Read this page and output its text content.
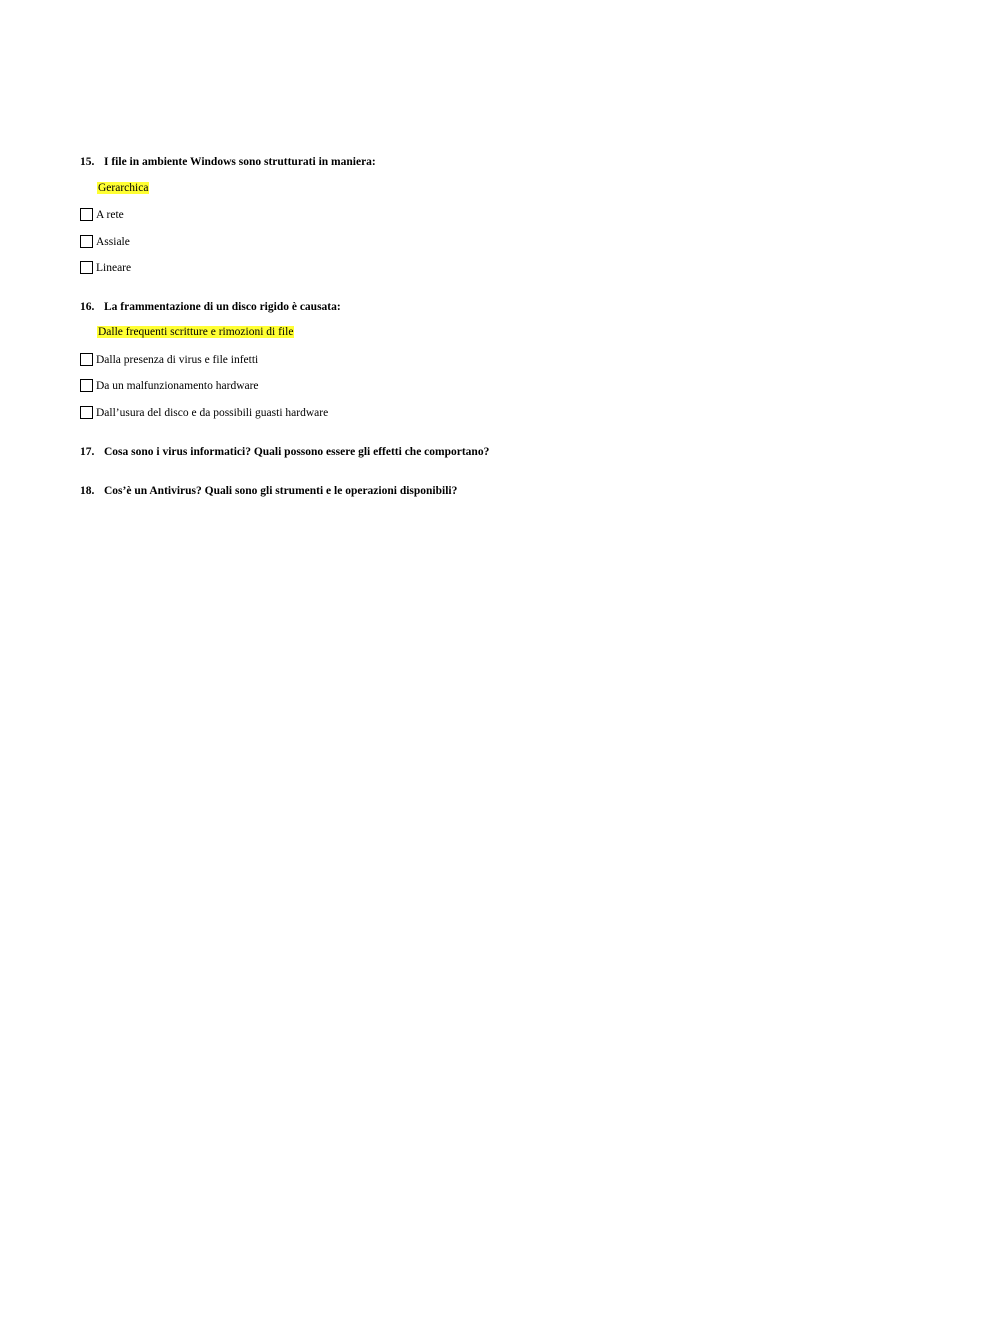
15. I file in ambiente Windows sono strutturati in maniera:
Gerarchica
A rete
Assiale
Lineare
16. La frammentazione di un disco rigido è causata:
Dalle frequenti scritture e rimozioni di file
Dalla presenza di virus e file infetti
Da un malfunzionamento hardware
Dall’usura del disco e da possibili guasti hardware
17. Cosa sono i virus informatici? Quali possono essere gli effetti che comportano?
18. Cos’è un Antivirus? Quali sono gli strumenti e le operazioni disponibili?
